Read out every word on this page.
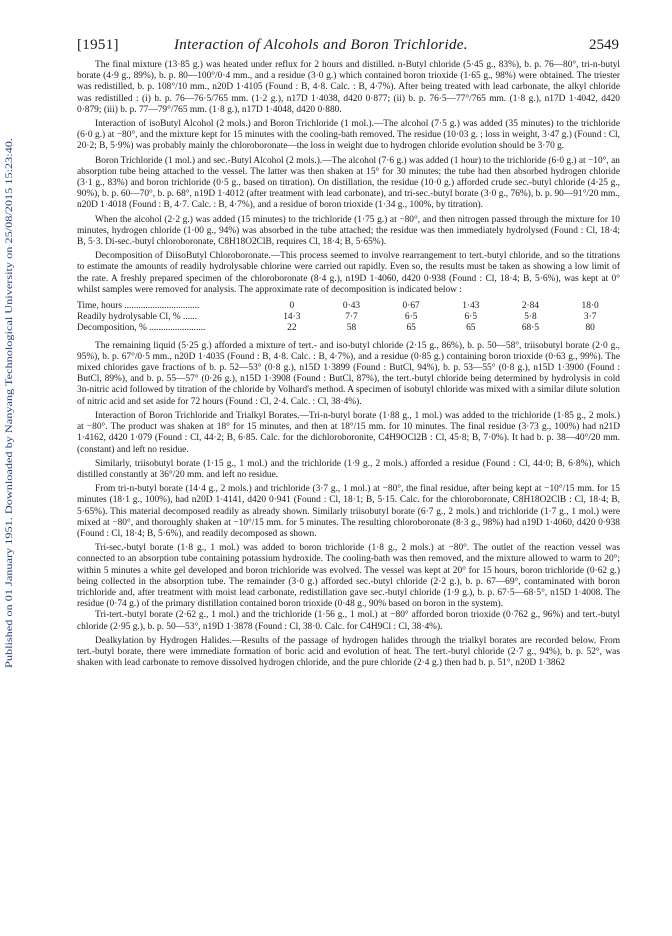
Published on 01 January 1951. Downloaded by Nanyang Technological University on 25/08/2015 15:23:40.
[1951]	Interaction of Alcohols and Boron Trichloride.	2549

The final mixture (13·85 g.) was heated under reflux for 2 hours and distilled. n-Butyl chloride (5·45 g., 83%), b. p. 76—80°, tri-n-butyl borate (4·9 g., 89%), b. p. 80—100°/0·4 mm., and a residue (3·0 g.) which contained boron trioxide (1·65 g., 98%) were obtained. The triester was redistilled, b. p. 108°/10 mm., n20D 1·4105 (Found : B, 4·8. Calc. : B, 4·7%). After being treated with lead carbonate, the alkyl chloride was redistilled : (i) b. p. 76—76·5/765 mm. (1·2 g.), n17D 1·4038, d420 0·877; (ii) b. p. 76·5—77°/765 mm. (1·8 g.), n17D 1·4042, d420 0·879; (iii) b. p. 77—79°/765 mm. (1·8 g.), n17D 1·4048, d420 0·880.

Interaction of isoButyl Alcohol (2 mols.) and Boron Trichloride (1 mol.).—The alcohol (7·5 g.) was added (35 minutes) to the trichloride (6·0 g.) at −80°, and the mixture kept for 15 minutes with the cooling-bath removed. The residue (10·03 g. ; loss in weight, 3·47 g.) (Found : Cl, 20·2; B, 5·9%) was probably mainly the chloroboronate—the loss in weight due to hydrogen chloride evolution should be 3·70 g.

Boron Trichloride (1 mol.) and sec.-Butyl Alcohol (2 mols.).—The alcohol (7·6 g.) was added (1 hour) to the trichloride (6·0 g.) at −10°, an absorption tube being attached to the vessel. The latter was then shaken at 15° for 30 minutes; the tube had then absorbed hydrogen chloride (3·1 g., 83%) and boron trichloride (0·5 g., based on titration). On distillation, the residue (10·0 g.) afforded crude sec.-butyl chloride (4·25 g., 90%), b. p. 60—70°, b. p. 68°, n19D 1·4012 (after treatment with lead carbonate), and tri-sec.-butyl borate (3·0 g., 76%), b. p. 90—91°/20 mm., n20D 1·4018 (Found : B, 4·7. Calc. : B, 4·7%), and a residue of boron trioxide (1·34 g., 100%, by titration).

When the alcohol (2·2 g.) was added (15 minutes) to the trichloride (1·75 g.) at −80°, and then nitrogen passed through the mixture for 10 minutes, hydrogen chloride (1·00 g., 94%) was absorbed in the tube attached; the residue was then immediately hydrolysed (Found : Cl, 18·4; B, 5·3. Di-sec.-butyl chloroboronate, C8H18O2ClB, requires Cl, 18·4; B, 5·65%).

Decomposition of DiisoButyl Chloroboronate.—This process seemed to involve rearrangement to tert.-butyl chloride, and so the titrations to estimate the amounts of readily hydrolysable chlorine were carried out rapidly. Even so, the results must be taken as showing a low limit of the rate. A freshly prepared specimen of the chloroboronate (8·4 g.), n19D 1·4060, d420 0·938 (Found : Cl, 18·4; B, 5·6%), was kept at 0° whilst samples were removed for analysis. The approximate rate of decomposition is indicated below :

Time, hours ................................	0	0·43	0·67	1·43	2·84	18·0
Readily hydrolysable Cl, % ......	14·3	7·7	6·5	6·5	5·8	3·7
Decomposition, % ........................	22	58	65	65	68·5	80

The remaining liquid (5·25 g.) afforded a mixture of tert.- and iso-butyl chloride (2·15 g., 86%), b. p. 50—58°, triisobutyl borate (2·0 g., 95%), b. p. 67°/0·5 mm., n20D 1·4035 (Found : B, 4·8. Calc. : B, 4·7%), and a residue (0·85 g.) containing boron trioxide (0·63 g., 99%). The mixed chlorides gave fractions of b. p. 52—53° (0·8 g.), n15D 1·3899 (Found : ButCl, 94%), b. p. 53—55° (0·8 g.), n15D 1·3900 (Found : ButCl, 89%), and b. p. 55—57° (0·26 g.), n15D 1·3908 (Found : ButCl, 87%), the tert.-butyl chloride being determined by hydrolysis in cold 3n-nitric acid followed by titration of the chloride by Volhard's method. A specimen of isobutyl chloride was mixed with a similar dilute solution of nitric acid and set aside for 72 hours (Found : Cl, 2·4. Calc. : Cl, 38·4%).

Interaction of Boron Trichloride and Trialkyl Borates.—Tri-n-butyl borate (1·88 g., 1 mol.) was added to the trichloride (1·85 g., 2 mols.) at −80°. The product was shaken at 18° for 15 minutes, and then at 18°/15 mm. for 10 minutes. The final residue (3·73 g., 100%) had n21D 1·4162, d420 1·079 (Found : Cl, 44·2; B, 6·85. Calc. for the dichloroboronite, C4H9OCl2B : Cl, 45·8; B, 7·0%). It had b. p. 38—40°/20 mm. (constant) and left no residue.

Similarly, triisobutyl borate (1·15 g., 1 mol.) and the trichloride (1·9 g., 2 mols.) afforded a residue (Found : Cl, 44·0; B, 6·8%), which distilled constantly at 36°/20 mm. and left no residue.

From tri-n-butyl borate (14·4 g., 2 mols.) and trichloride (3·7 g., 1 mol.) at −80°, the final residue, after being kept at −10°/15 mm. for 15 minutes (18·1 g., 100%), had n20D 1·4141, d420 0·941 (Found : Cl, 18·1; B, 5·15. Calc. for the chloroboronate, C8H18O2ClB : Cl, 18·4; B, 5·65%). This material decomposed readily as already shown. Similarly triisobutyl borate (6·7 g., 2 mols.) and trichloride (1·7 g., 1 mol.) were mixed at −80°, and thoroughly shaken at −10°/15 mm. for 5 minutes. The resulting chloroboronate (8·3 g., 98%) had n19D 1·4060, d420 0·938 (Found : Cl, 18·4; B, 5·6%), and readily decomposed as shown.

Tri-sec.-butyl borate (1·8 g., 1 mol.) was added to boron trichloride (1·8 g., 2 mols.) at −80°. The outlet of the reaction vessel was connected to an absorption tube containing potassium hydroxide. The cooling-bath was then removed, and the mixture allowed to warm to 20°; within 5 minutes a white gel developed and boron trichloride was evolved. The vessel was kept at 20° for 15 hours, boron trichloride (0·62 g.) being collected in the absorption tube. The remainder (3·0 g.) afforded sec.-butyl chloride (2·2 g.), b. p. 67—69°, contaminated with boron trichloride and, after treatment with moist lead carbonate, redistillation gave sec.-butyl chloride (1·9 g.), b. p. 67·5—68·5°, n15D 1·4008. The residue (0·74 g.) of the primary distillation contained boron trioxide (0·48 g., 90% based on boron in the system).

Tri-tert.-butyl borate (2·62 g., 1 mol.) and the trichloride (1·56 g., 1 mol.) at −80° afforded boron trioxide (0·762 g., 96%) and tert.-butyl chloride (2·95 g.), b. p. 50—53°, n19D 1·3878 (Found : Cl, 38·0. Calc. for C4H9Cl : Cl, 38·4%).

Dealkylation by Hydrogen Halides.—Results of the passage of hydrogen halides through the trialkyl borates are recorded below. From tert.-butyl borate, there were immediate formation of boric acid and evolution of heat. The tert.-butyl chloride (2·7 g., 94%), b. p. 52°, was shaken with lead carbonate to remove dissolved hydrogen chloride, and the pure chloride (2·4 g.) then had b. p. 51°, n20D 1·3862
